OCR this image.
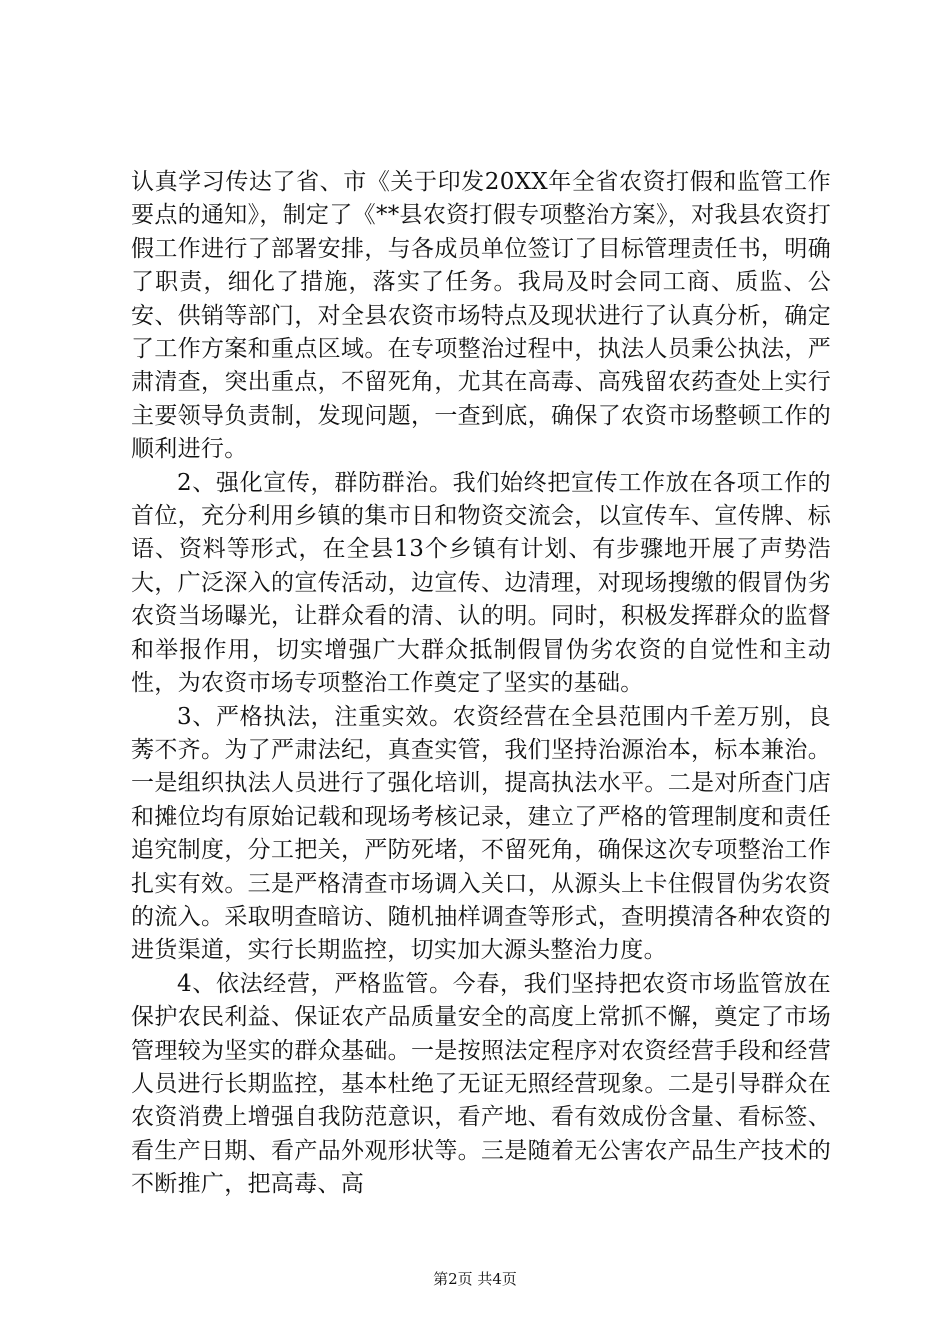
认真学习传达了省、市《关于印发20XX年全省农资打假和监管工作要点的通知》，制定了《**县农资打假专项整治方案》，对我县农资打假工作进行了部署安排，与各成员单位签订了目标管理责任书，明确了职责，细化了措施，落实了任务。我局及时会同工商、质监、公安、供销等部门，对全县农资市场特点及现状进行了认真分析，确定了工作方案和重点区域。在专项整治过程中，执法人员秉公执法，严肃清查，突出重点，不留死角，尤其在高毒、高残留农药查处上实行主要领导负责制，发现问题，一查到底，确保了农资市场整顿工作的顺利进行。

2、强化宣传，群防群治。我们始终把宣传工作放在各项工作的首位，充分利用乡镇的集市日和物资交流会，以宣传车、宣传牌、标语、资料等形式，在全县13个乡镇有计划、有步骤地开展了声势浩大，广泛深入的宣传活动，边宣传、边清理，对现场搜缴的假冒伪劣农资当场曝光，让群众看的清、认的明。同时，积极发挥群众的监督和举报作用，切实增强广大群众抵制假冒伪劣农资的自觉性和主动性，为农资市场专项整治工作奠定了坚实的基础。

3、严格执法，注重实效。农资经营在全县范围内千差万别，良莠不齐。为了严肃法纪，真查实管，我们坚持治源治本，标本兼治。一是组织执法人员进行了强化培训，提高执法水平。二是对所查门店和摊位均有原始记载和现场考核记录，建立了严格的管理制度和责任追究制度，分工把关，严防死堵，不留死角，确保这次专项整治工作扎实有效。三是严格清查市场调入关口，从源头上卡住假冒伪劣农资的流入。采取明查暗访、随机抽样调查等形式，查明摸清各种农资的进货渠道，实行长期监控，切实加大源头整治力度。

4、依法经营，严格监管。今春，我们坚持把农资市场监管放在保护农民利益、保证农产品质量安全的高度上常抓不懈，奠定了市场管理较为坚实的群众基础。一是按照法定程序对农资经营手段和经营人员进行长期监控，基本杜绝了无证无照经营现象。二是引导群众在农资消费上增强自我防范意识，看产地、看有效成份含量、看标签、看生产日期、看产品外观形状等。三是随着无公害农产品生产技术的不断推广，把高毒、高

第2页 共4页
